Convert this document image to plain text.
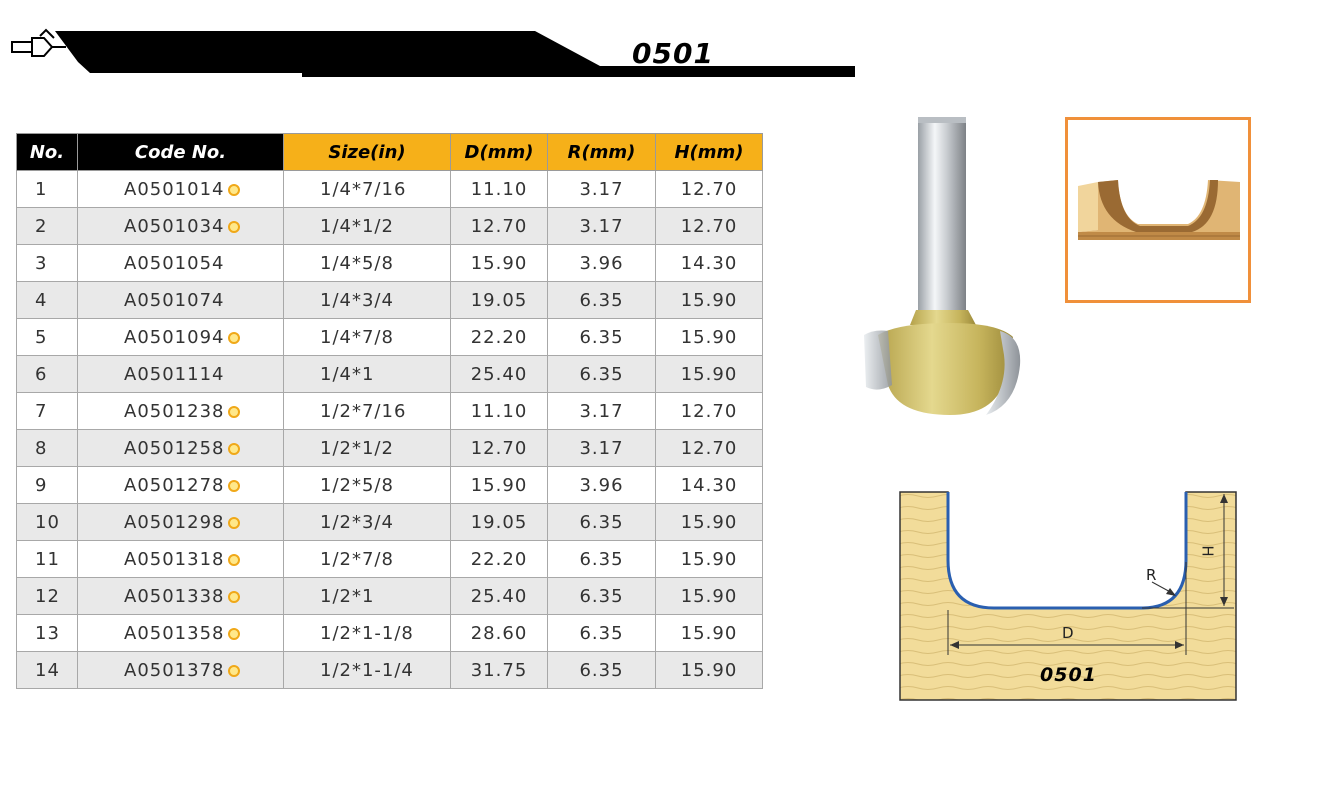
0501
No.	Code No.	Size(in)	D(mm)	R(mm)	H(mm)
1	A0501014	1/4*7/16	11.10	3.17	12.70
2	A0501034	1/4*1/2	12.70	3.17	12.70
3	A0501054	1/4*5/8	15.90	3.96	14.30
4	A0501074	1/4*3/4	19.05	6.35	15.90
5	A0501094	1/4*7/8	22.20	6.35	15.90
6	A0501114	1/4*1	25.40	6.35	15.90
7	A0501238	1/2*7/16	11.10	3.17	12.70
8	A0501258	1/2*1/2	12.70	3.17	12.70
9	A0501278	1/2*5/8	15.90	3.96	14.30
10	A0501298	1/2*3/4	19.05	6.35	15.90
11	A0501318	1/2*7/8	22.20	6.35	15.90
12	A0501338	1/2*1	25.40	6.35	15.90
13	A0501358	1/2*1-1/8	28.60	6.35	15.90
14	A0501378	1/2*1-1/4	31.75	6.35	15.90
D
R
H
0501
